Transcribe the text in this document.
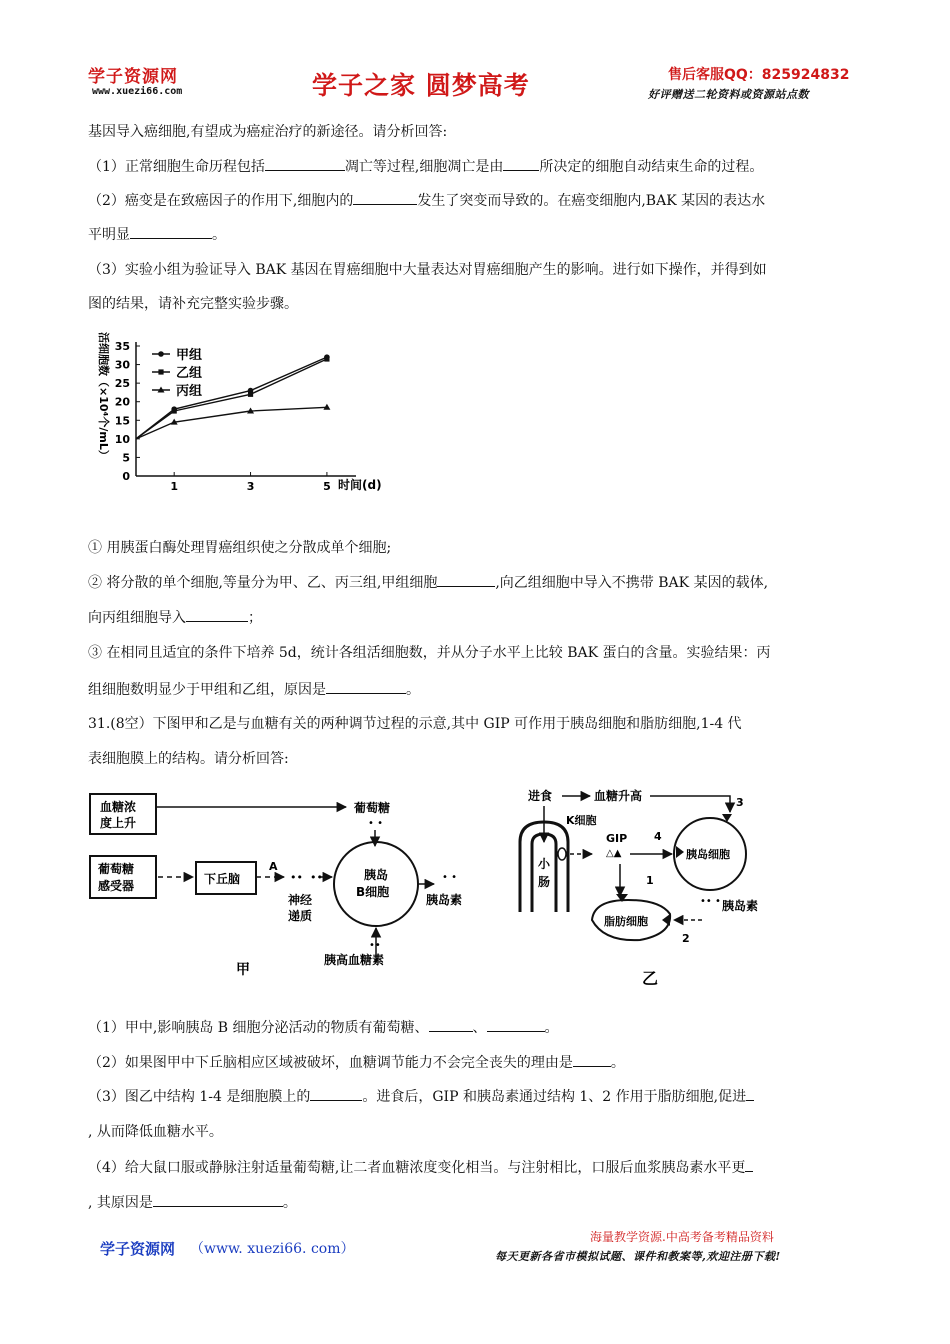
学子资源网
www.xuezi66.com	学子之家 圆梦高考	售后客服QQ：825924832
好评赠送二轮资料或资源站点数
基因导入癌细胞,有望成为癌症治疗的新途径。请分析回答:
（1）正常细胞生命历程包括	凋亡等过程,细胞凋亡是由	所决定的细胞自动结束生命的过程。
（2）癌变是在致癌因子的作用下,细胞内的	发生了突变而导致的。在癌变细胞内,BAK 某因的表达水
平明显	。
（3）实验小组为验证导入 BAK 基因在胃癌细胞中大量表达对胃癌细胞产生的影响。进行如下操作，并得到如
图的结果，请补充完整实验步骤。
活细胞数（×10⁴个/mL）
0
5
10
15
20
25
30
35
1	3	5
甲组
乙组
丙组
时间(d)
① 用胰蛋白酶处理胃癌组织使之分散成单个细胞;
② 将分散的单个细胞,等量分为甲、乙、丙三组,甲组细胞	,向乙组细胞中导入不携带 BAK 某因的载体,
向丙组细胞导入	；
③ 在相同且适宜的条件下培养 5d，统计各组活细胞数，并从分子水平上比较 BAK 蛋白的含量。实验结果：丙
组细胞数明显少于甲组和乙组，原因是	。
31.(8空）下图甲和乙是与血糖有关的两种调节过程的示意,其中 GIP 可作用于胰岛细胞和脂肪细胞,1-4 代
表细胞膜上的结构。请分析回答:
血糖浓
度上升
葡萄糖
• •
葡萄糖
感受器	下丘脑
A
•• ••
神经
递质
胰岛
B细胞
• •
胰岛素
••
胰高血糖素
甲
进食	血糖升高	3
小
肠
K细胞
GIP
△▲
4
1
胰岛细胞
•• • 胰岛素
2
脂肪细胞
乙
（1）甲中,影响胰岛 B 细胞分泌活动的物质有葡萄糖、	、	。
（2）如果图甲中下丘脑相应区域被破坏，血糖调节能力不会完全丧失的理由是	。
（3）图乙中结构 1-4 是细胞膜上的	。进食后，GIP 和胰岛素通过结构 1、2 作用于脂肪细胞,促进
, 从而降低血糖水平。
（4）给大鼠口服或静脉注射适量葡萄糖,让二者血糖浓度变化相当。与注射相比，口服后血浆胰岛素水平更
, 其原因是	。
学子资源网 （www. xuezi66. com）
海量教学资源.中高考备考精品资料
每天更新各省市模拟试题、课件和教案等,欢迎注册下载!
